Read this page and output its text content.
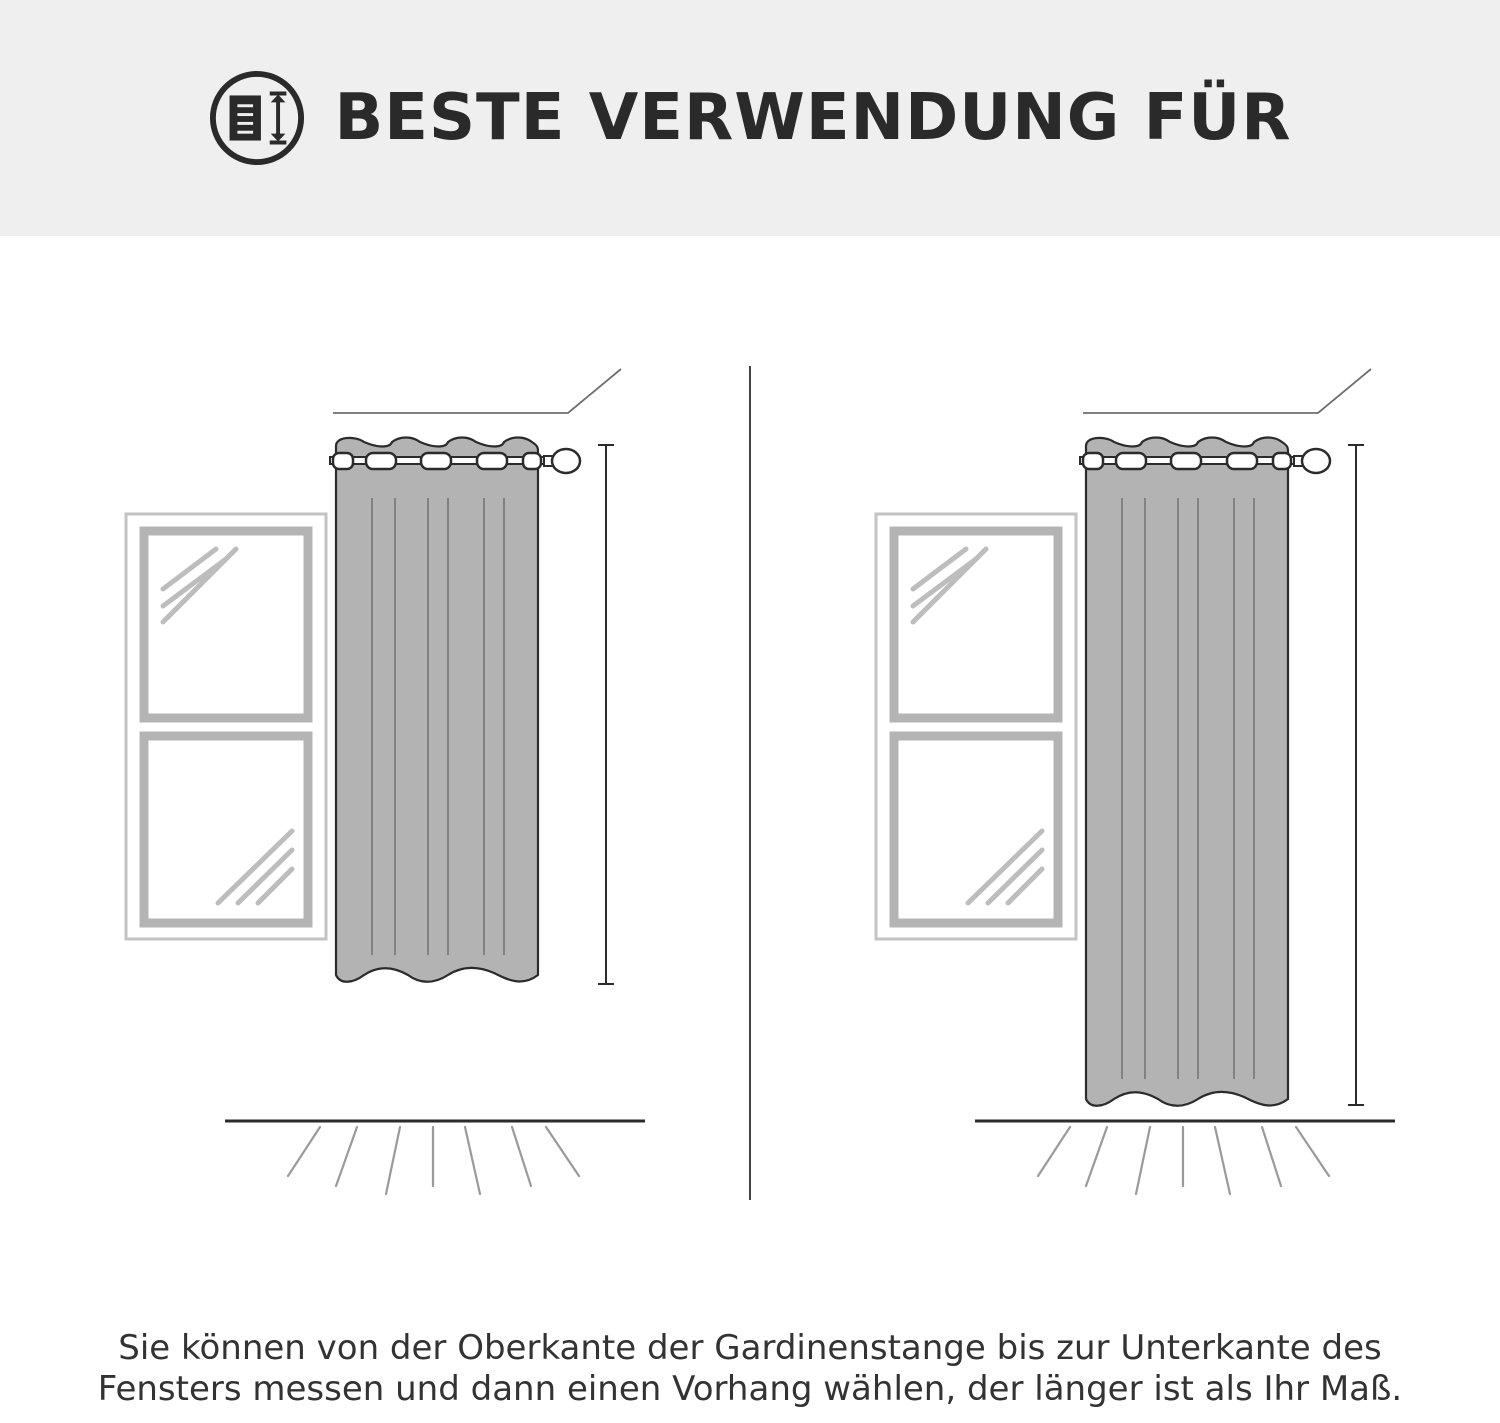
BESTE VERWENDUNG FÜR
Sie können von der Oberkante der Gardinenstange bis zur Unterkante des
Fensters messen und dann einen Vorhang wählen, der länger ist als Ihr Maß.
